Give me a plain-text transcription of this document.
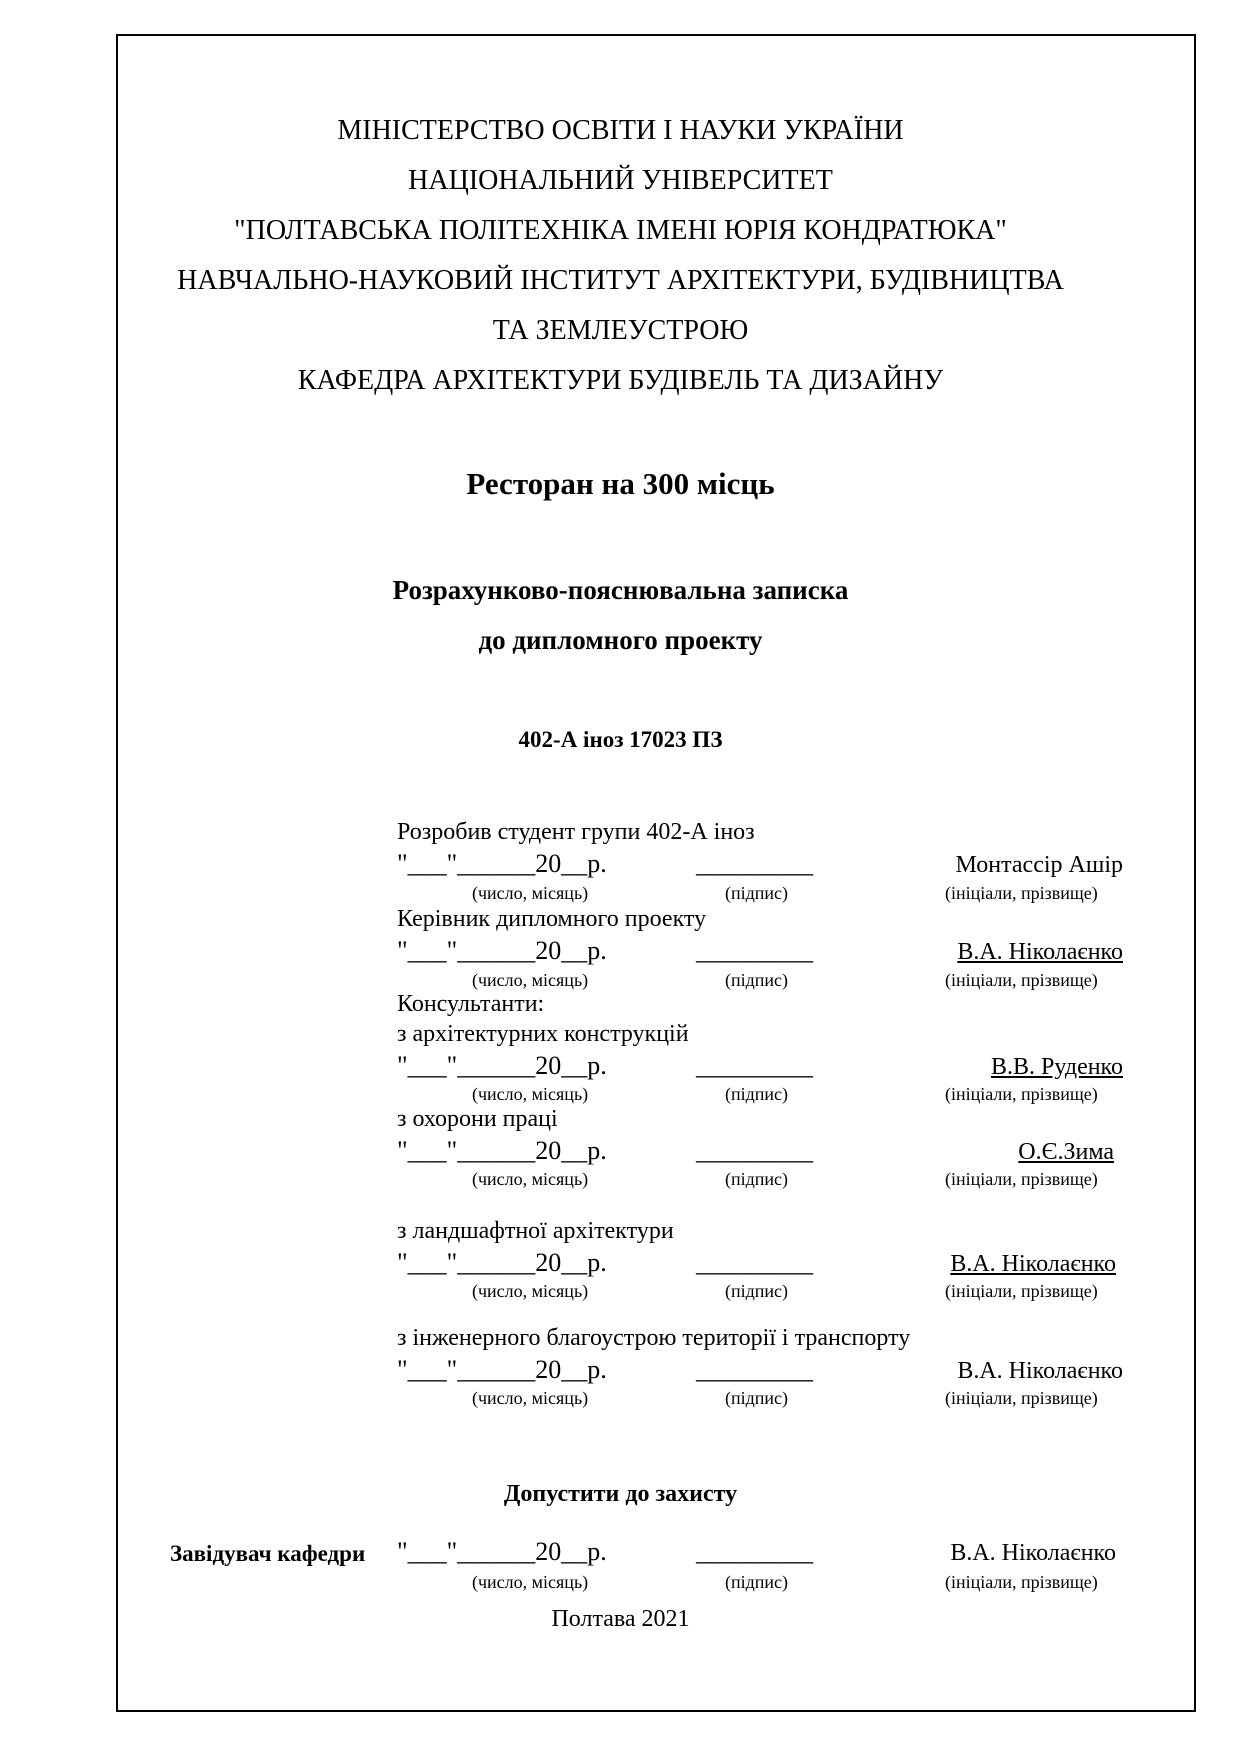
МІНІСТЕРСТВО ОСВІТИ І НАУКИ УКРАЇНИ
НАЦІОНАЛЬНИЙ УНІВЕРСИТЕТ
"ПОЛТАВСЬКА ПОЛІТЕХНІКА ІМЕНІ ЮРІЯ КОНДРАТЮКА"
НАВЧАЛЬНО-НАУКОВИЙ ІНСТИТУТ АРХІТЕКТУРИ, БУДІВНИЦТВА
ТА ЗЕМЛЕУСТРОЮ
КАФЕДРА АРХІТЕКТУРИ БУДІВЕЛЬ ТА ДИЗАЙНУ
Ресторан на 300 місць
Розрахунково-пояснювальна записка
до дипломного проекту
402-А іноз 17023 ПЗ
Розробив студент групи 402-А іноз
"___"______20__р.	_________	Монтассір Ашір
(число, місяць)	(підпис)	(ініціали, прізвище)
Керівник дипломного проекту
"___"______20__р.	_________	В.А. Ніколаєнко
(число, місяць)	(підпис)	(ініціали, прізвище)
Консультанти:
з архітектурних конструкцій
"___"______20__р.	_________	В.В. Руденко
(число, місяць)	(підпис)	(ініціали, прізвище)
з охорони праці
"___"______20__р.	_________	О.Є.Зима
(число, місяць)	(підпис)	(ініціали, прізвище)
з ландшафтної архітектури
"___"______20__р.	_________	В.А. Ніколаєнко
(число, місяць)	(підпис)	(ініціали, прізвище)
з інженерного благоустрою території і транспорту
"___"______20__р.	_________	В.А. Ніколаєнко
(число, місяць)	(підпис)	(ініціали, прізвище)
Допустити до захисту
Завідувач кафедри "___"______20__р.	_________	В.А. Ніколаєнко
(число, місяць)	(підпис)	(ініціали, прізвище)
Полтава 2021
